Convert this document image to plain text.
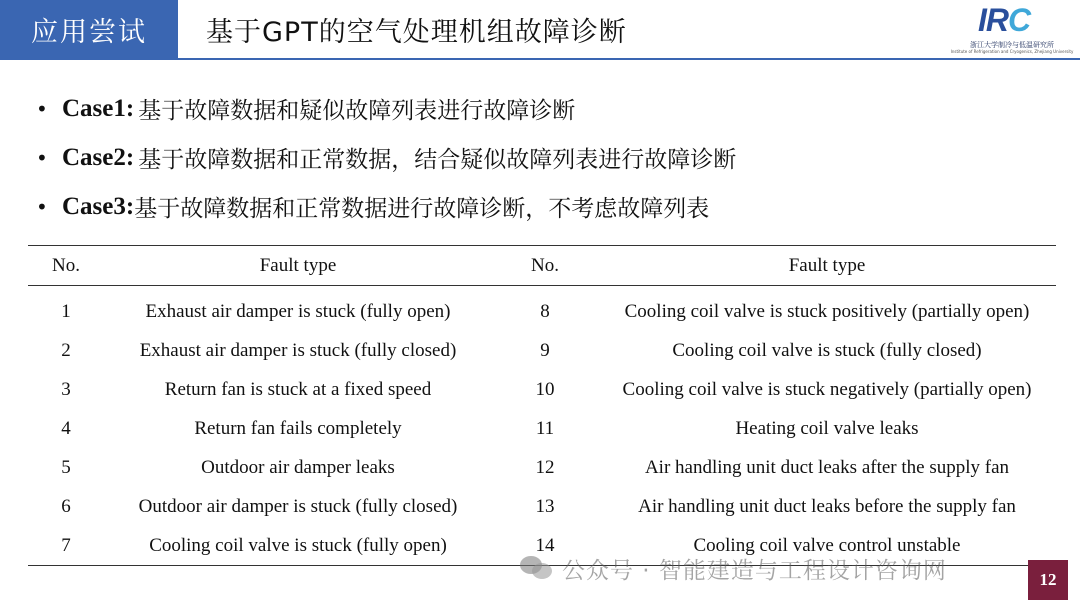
应用尝试	基于GPT的空气处理机组故障诊断	IRC
浙江大学制冷与低温研究所
Institute of Refrigeration and Cryogenics, Zhejiang University
• Case1: 基于故障数据和疑似故障列表进行故障诊断
• Case2: 基于故障数据和正常数据，结合疑似故障列表进行故障诊断
• Case3: 基于故障数据和正常数据进行故障诊断，不考虑故障列表
No.	Fault type	No.	Fault type
1	Exhaust air damper is stuck (fully open)	8	Cooling coil valve is stuck positively (partially open)
2	Exhaust air damper is stuck (fully closed)	9	Cooling coil valve is stuck (fully closed)
3	Return fan is stuck at a fixed speed	10	Cooling coil valve is stuck negatively (partially open)
4	Return fan fails completely	11	Heating coil valve leaks
5	Outdoor air damper leaks	12	Air handling unit duct leaks after the supply fan
6	Outdoor air damper is stuck (fully closed)	13	Air handling unit duct leaks before the supply fan
7	Cooling coil valve is stuck (fully open)	14	Cooling coil valve control unstable
公众号 · 智能建造与工程设计咨询网	12
